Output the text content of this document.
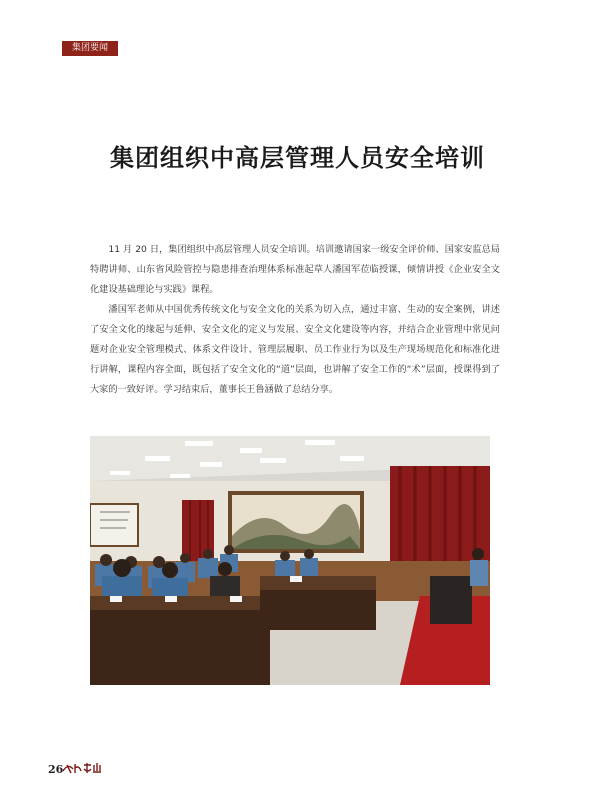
集团要闻
集团组织中高层管理人员安全培训

11 月 20 日，集团组织中高层管理人员安全培训。培训邀请国家一级安全评价师、国家安监总局特聘讲师、山东省风险管控与隐患排查治理体系标准起草人潘国军莅临授课，倾情讲授《企业安全文化建设基础理论与实践》课程。

潘国军老师从中国优秀传统文化与安全文化的关系为切入点，通过丰富、生动的安全案例，讲述了安全文化的缘起与延伸、安全文化的定义与发展、安全文化建设等内容，并结合企业管理中常见问题对企业安全管理模式、体系文件设计、管理层履职、员工作业行为以及生产现场规范化和标准化进行讲解，课程内容全面，既包括了安全文化的“道”层面，也讲解了安全工作的“术”层面，授课得到了大家的一致好评。学习结束后，董事长王鲁涵做了总结分享。

26
